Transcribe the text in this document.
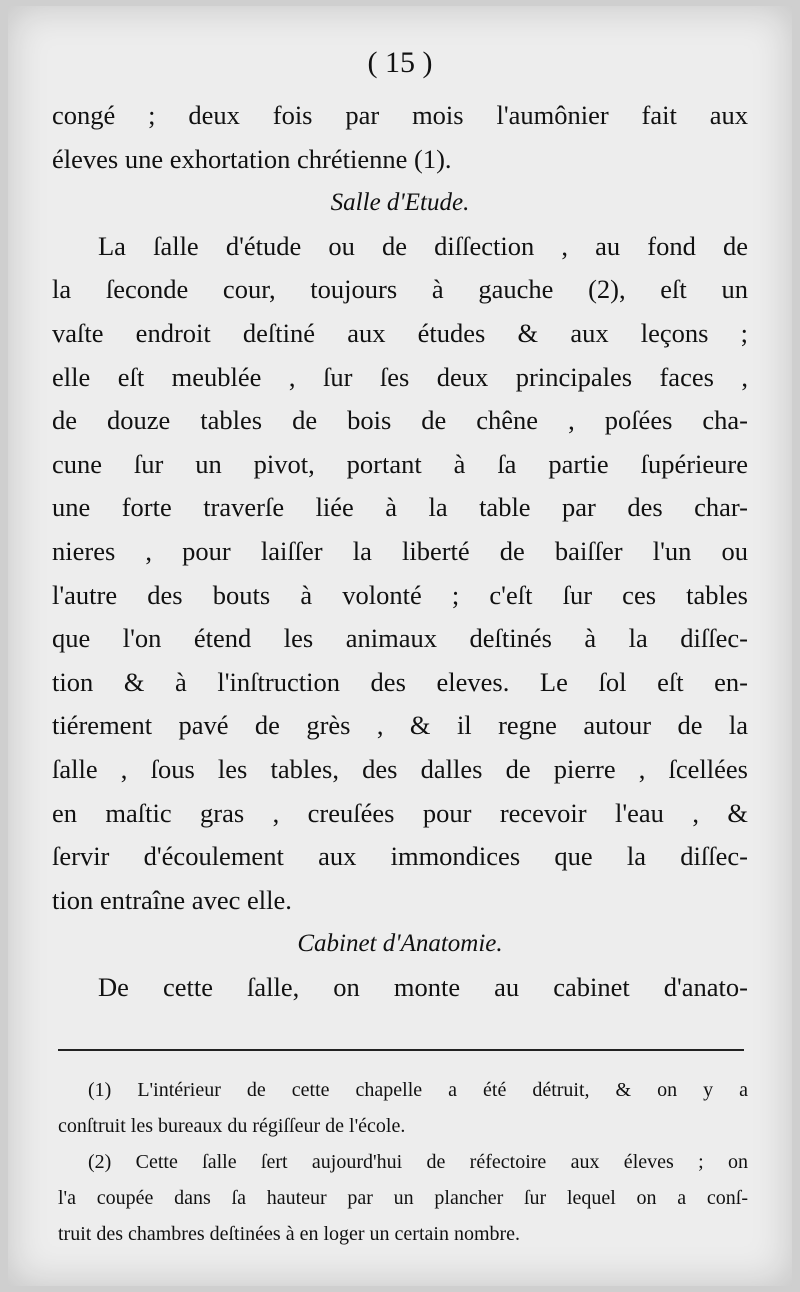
( 15 )
congé ; deux fois par mois l'aumônier fait aux
éleves une exhortation chrétienne (1).
Salle d'Etude.
La ſalle d'étude ou de diſſection , au fond de
la ſeconde cour, toujours à gauche (2), eſt un
vaſte endroit deſtiné aux études & aux leçons ;
elle eſt meublée , ſur ſes deux principales faces ,
de douze tables de bois de chêne , poſées cha-
cune ſur un pivot, portant à ſa partie ſupérieure
une forte traverſe liée à la table par des char-
nieres , pour laiſſer la liberté de baiſſer l'un ou
l'autre des bouts à volonté ; c'eſt ſur ces tables
que l'on étend les animaux deſtinés à la diſſec-
tion & à l'inſtruction des eleves. Le ſol eſt en-
tiérement pavé de grès , & il regne autour de la
ſalle , ſous les tables, des dalles de pierre , ſcellées
en maſtic gras , creuſées pour recevoir l'eau , &
ſervir d'écoulement aux immondices que la diſſec-
tion entraîne avec elle.
Cabinet d'Anatomie.
De cette ſalle, on monte au cabinet d'anato-
(1) L'intérieur de cette chapelle a été détruit, & on y a
conſtruit les bureaux du régiſſeur de l'école.
(2) Cette ſalle ſert aujourd'hui de réfectoire aux éleves ; on
l'a coupée dans ſa hauteur par un plancher ſur lequel on a conſ-
truit des chambres deſtinées à en loger un certain nombre.
